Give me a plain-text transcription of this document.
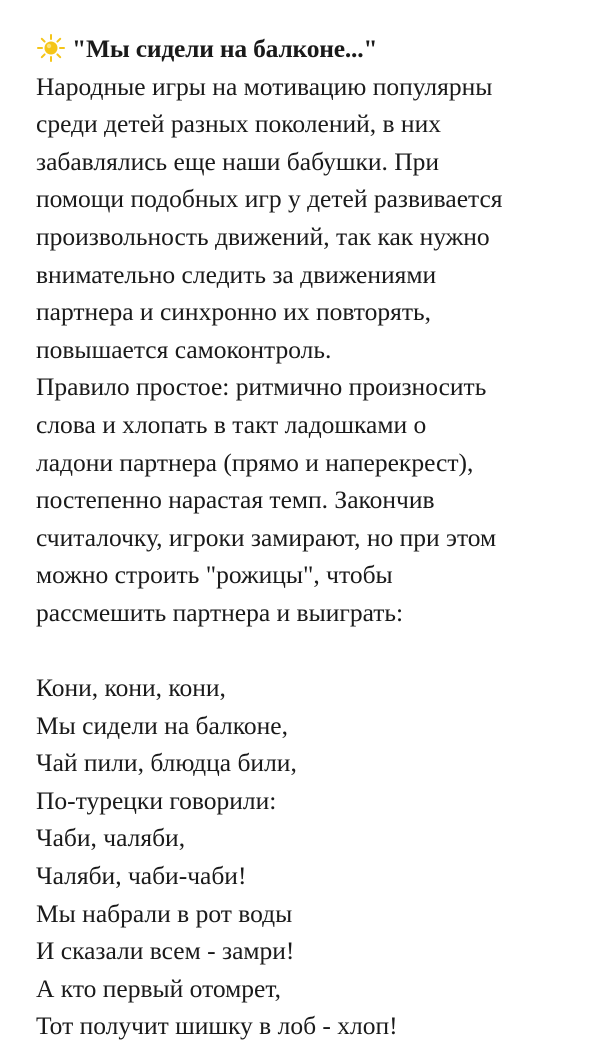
"Мы сидели на балконе..."
Народные игры на мотивацию популярны
среди детей разных поколений, в них
забавлялись еще наши бабушки. При
помощи подобных игр у детей развивается
произвольность движений, так как нужно
внимательно следить за движениями
партнера и синхронно их повторять,
повышается самоконтроль.
Правило простое: ритмично произносить
слова и хлопать в такт ладошками о
ладони партнера (прямо и наперекрест),
постепенно нарастая темп. Закончив
считалочку, игроки замирают, но при этом
можно строить "рожицы", чтобы
рассмешить партнера и выиграть:
Кони, кони, кони,
Мы сидели на балконе,
Чай пили, блюдца били,
По-турецки говорили:
Чаби, чаляби,
Чаляби, чаби-чаби!
Мы набрали в рот воды
И сказали всем - замри!
А кто первый отомрет,
Тот получит шишку в лоб - хлоп!
